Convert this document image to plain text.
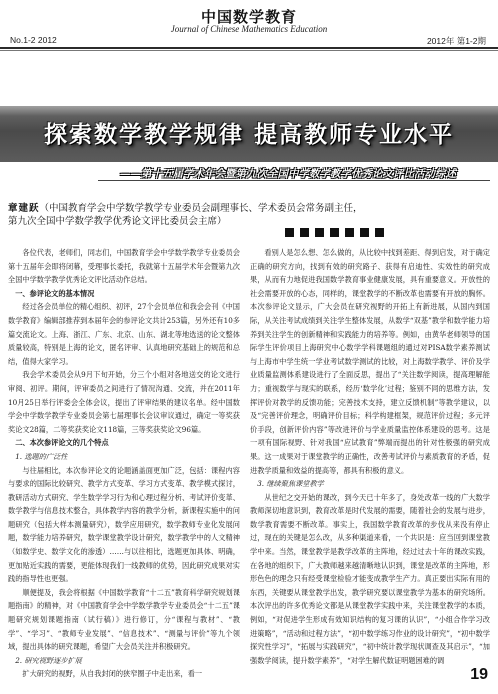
中国数学教育
Journal of Chinese Mathematics Education
No.1-2 2012	2012年 第1-2期
探索数学教学规律 提高教师专业水平
——第十五届学术年会暨第九次全国中学数学教学优秀论文评比活动综述
章建跃（中国教育学会中学数学教学专业委员会副理事长、学术委员会常务副主任，
第九次全国中学数学教学优秀论文评比委员会主席）

各位代表，老师们，同志们，中国教育学会中学数学教学专业委员会第十五届年会即将闭幕，受理事长委托，我就第十五届学术年会暨第九次全国中学数学教学优秀论文评比活动作总结。

一、参评论文的基本情况

经过各会员单位的精心组织、初评，27个会员单位和我会会刊《中国数学教育》编辑部推荐到本届年会的参评论文共计253篇，另外还有10多篇交流论文。上海、浙江、广东、北京、山东、湖北等地选送的论文整体质量较高，特别是上海的论文，匿名评审、认真地研究基础上的规范和总结，值得大家学习。

我会学术委员会从9月下旬开始，分三个小组对各地送交的论文进行审阅、初评。期间，评审委员之间进行了情况沟通、交流，并在2011年10月25日举行评委会全体会议，提出了评审结果的建议名单。经中国数学会中学数学教学专业委员会第七届理事长会议审议通过，确定一等奖获奖论文28篇，二等奖获奖论文118篇，三等奖获奖论文96篇。

二、本次参评论文的几个特点

1. 选题的广泛性

与往届相比，本次参评论文的论题涵盖面更加广泛，包括：课程内容与要求的国际比较研究、教学方式变革、学习方式变革、教学模式探讨，教研活动方式研究、学生数学学习行为和心理过程分析、考试评价变革、数学教学与信息技术整合，具体教学内容的教学分析，新课程实施中的问题研究（包括大样本测量研究），数学应用研究，数学教师专业化发展问题，数学能力培养研究，数学课堂教学设计研究，数学教学中的人文精神（如数学史、数学文化的渗透）……与以往相比，选题更加具体、明确，更加贴近实践的需要，更能体现我们一线教师的优势，因此研究成果对实践的指导性也更强。

顺便提及，我会将根据《中国数学教育“十二五”教育科学研究规划课题指南》的精神，对《中国教育学会中学数学教学专业委员会“十二五”课题研究规划课题指南（试行稿）》进行修订，分“课程与教材”、“教学”、“学习”、“教师专业发展”、“信息技术”、“测量与评价”等九个领域，提出具体的研究课题，希望广大会员关注并积极研究。

2. 研究视野逐步扩展

扩大研究的视野，从自我封闭的狭窄圈子中走出来，看一

看别人是怎么想、怎么做的，从比较中找到差距、得到启发，对于确定正确的研究方向，找到有效的研究路子、获得有启迪性、实效性的研究成果，从而有力地促进我国数学教育事业健康发展，具有重要意义。开放性的社会需要开放的心态，同样的，课堂教学的不断改革也需要有开放的胸怀。本次参评论文显示，广大会员在研究视野的开拓上有新进展，从国内到国际，从关注考试成绩到关注学生整体发展，从数学“双基”教学和数学能力培养到关注学生的创新精神和实践能力的培养等。例如，由黄华老师领导的国际学生评价项目上海研究中心数学学科课题组的通过对PISA数学素养测试与上海市中学生统一学业考试数学测试的比较，对上海数学教学、评价及学业质量监测体系建设进行了全面反思，提出了“关注数学阅读，提高理解能力；重视数学与现实的联系，经历‘数学化’过程；鉴别不同的思维方法，发挥评价对教学的反馈功能；完善技术支持，建立反馈机制”等教学建议，以及“完善评价理念，明确评价目标；科学构建框架，规范评价过程；多元评价手段，创新评价内容”等改进评价与学业质量监控体系建设的思考。这是一项有国际视野、针对我国“应试教育”弊端而提出的针对性极强的研究成果。这一成果对于课堂教学的正确性，改善考试评价与素质教育的矛盾，促进教学质量和效益的提高等，都具有积极的意义。

3. 继续聚焦课堂教学

从世纪之交开始的课改，到今天已十年多了，身处改革一线的广大数学教师深切地意识到，教育改革是时代发展的需要，随着社会的发展与进步，数学教育需要不断改革。事实上，我国数学教育改革的步伐从来没有停止过，现在的关键是怎么改，从多种渠道来看，一个共识是：应当回到课堂教学中来。当然，课堂教学是教学改革的主阵地，经过过去十年的课改实践，在各地的组织下，广大教师越来越清晰地认识到，课堂是改革的主阵地，形形色色的理念只有经受课堂检验才能变成教学生产力。真正要出实际有用的东西，关键要从课堂教学出发，教学研究要以课堂教学为基本的研究场所。本次评出的许多优秀论文都是从课堂教学实践中来，关注课堂教学的本质，例如，“对促进学生形成有效知识结构的复习课的认识”，“小组合作学习改进策略”，“活动和过程方法”，“初中数学练习作业的设计研究”，“初中数学探究性学习”，“拓展与实践研究”，“初中统计教学现状调查及其启示”，“加强数学阅读，提升数学素养”，“对学生解代数证明题困难的调

19
